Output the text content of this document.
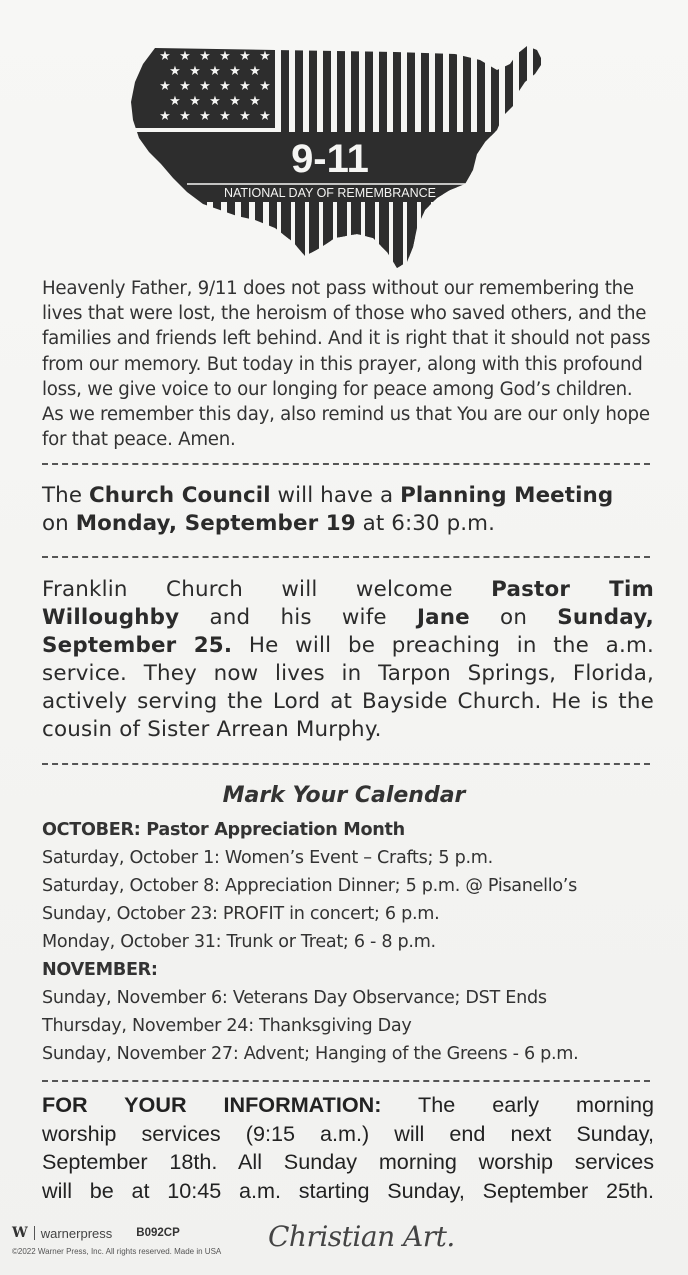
★ ★ ★ ★ ★ ★
★ ★ ★ ★ ★
★ ★ ★ ★ ★ ★
★ ★ ★ ★ ★
★ ★ ★ ★ ★ ★
9-11
NATIONAL DAY OF REMEMBRANCE
Heavenly Father, 9/11 does not pass without our remembering the
lives that were lost, the heroism of those who saved others, and the
families and friends left behind. And it is right that it should not pass
from our memory. But today in this prayer, along with this profound
loss, we give voice to our longing for peace among God’s children.
As we remember this day, also remind us that You are our only hope
for that peace. Amen.
The Church Council will have a Planning Meeting
on Monday, September 19 at 6:30 p.m.
Franklin Church will welcome Pastor Tim
Willoughby and his wife Jane on Sunday,
September 25. He will be preaching in the a.m.
service. They now lives in Tarpon Springs, Florida,
actively serving the Lord at Bayside Church. He is the
cousin of Sister Arrean Murphy.
Mark Your Calendar
OCTOBER: Pastor Appreciation Month
Saturday, October 1: Women’s Event – Crafts; 5 p.m.
Saturday, October 8: Appreciation Dinner; 5 p.m. @ Pisanello’s
Sunday, October 23: PROFIT in concert; 6 p.m.
Monday, October 31: Trunk or Treat; 6 - 8 p.m.
NOVEMBER:
Sunday, November 6: Veterans Day Observance; DST Ends
Thursday, November 24: Thanksgiving Day
Sunday, November 27: Advent; Hanging of the Greens - 6 p.m.
FOR YOUR INFORMATION: The early morning
worship services (9:15 a.m.) will end next Sunday,
September 18th. All Sunday morning worship services
will be at 10:45 a.m. starting Sunday, September 25th.
W warnerpress B092CP
©2022 Warner Press, Inc. All rights reserved. Made in USA Christian Art.
